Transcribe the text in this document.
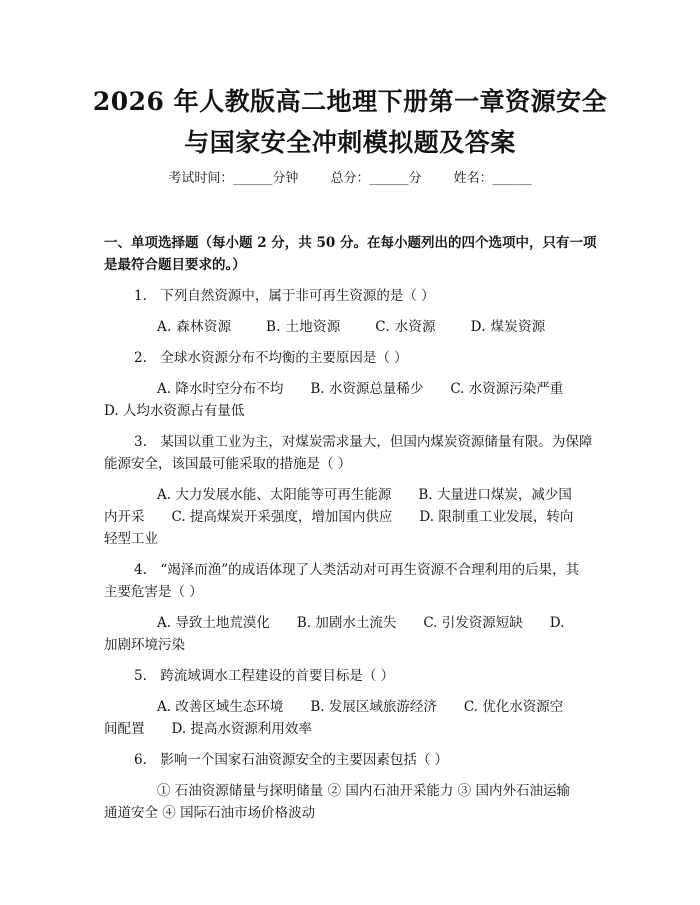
2026 年人教版高二地理下册第一章资源安全
与国家安全冲刺模拟题及答案
考试时间：______分钟 总分：______分 姓名：______
一、单项选择题（每小题 2 分，共 50 分。在每小题列出的四个选项中，只有一项
是最符合题目要求的。）
1.　下列自然资源中，属于非可再生资源的是（ ）
A. 森林资源	B. 土地资源	C. 水资源	D. 煤炭资源
2.　全球水资源分布不均衡的主要原因是（ ）
A. 降水时空分布不均　　B. 水资源总量稀少　　C. 水资源污染严重
D. 人均水资源占有量低
3.　某国以重工业为主，对煤炭需求量大，但国内煤炭资源储量有限。为保障
能源安全，该国最可能采取的措施是（ ）
A. 大力发展水能、太阳能等可再生能源　　B. 大量进口煤炭，减少国
内开采　　C. 提高煤炭开采强度，增加国内供应　　D. 限制重工业发展，转向
轻型工业
4.　“竭泽而渔”的成语体现了人类活动对可再生资源不合理利用的后果，其
主要危害是（ ）
A. 导致土地荒漠化　　B. 加剧水土流失　　C. 引发资源短缺　　D.
加剧环境污染
5.　跨流域调水工程建设的首要目标是（ ）
A. 改善区域生态环境　　B. 发展区域旅游经济　　C. 优化水资源空
间配置　　D. 提高水资源利用效率
6.　影响一个国家石油资源安全的主要因素包括（ ）
① 石油资源储量与探明储量 ② 国内石油开采能力 ③ 国内外石油运输
通道安全 ④ 国际石油市场价格波动
